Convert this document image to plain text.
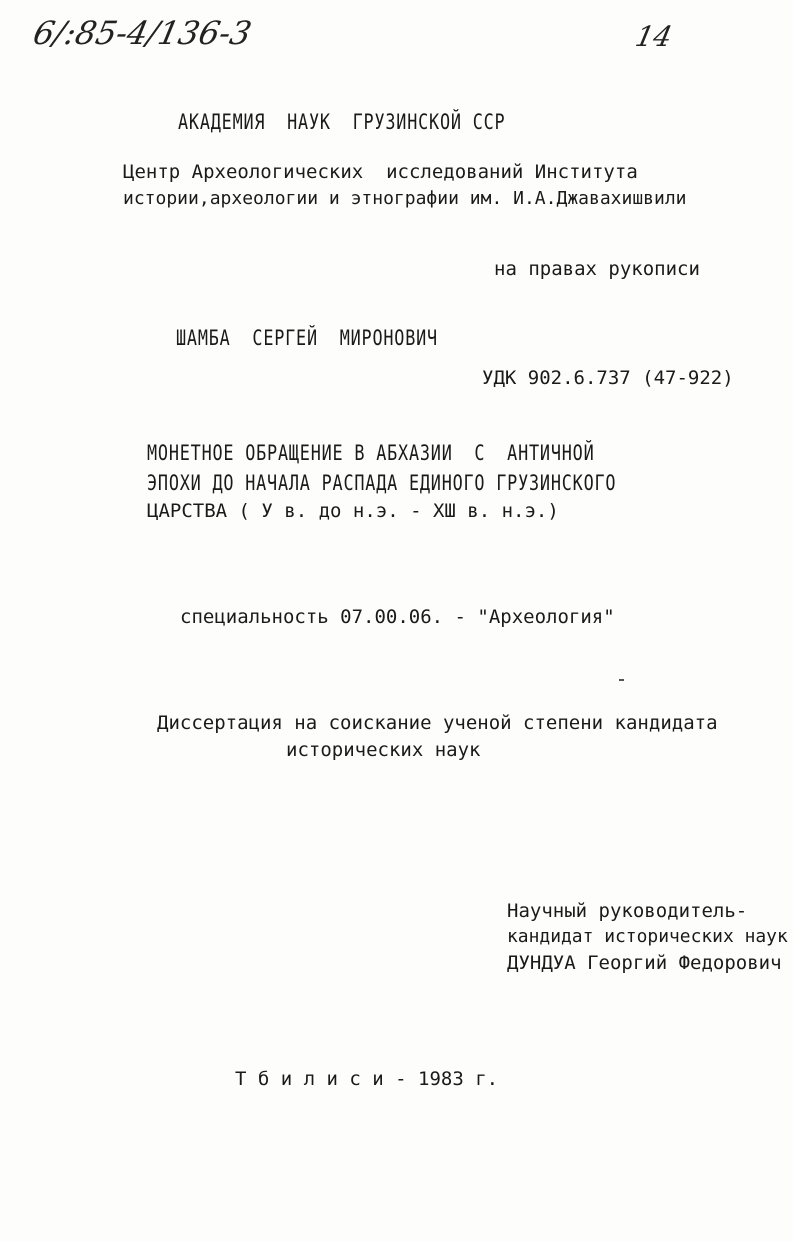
6/:85-4/136-3	14
АКАДЕМИЯ  НАУК  ГРУЗИНСКОЙ ССР
Центр Археологических  исследований Института
истории,археологии и этнографии им. И.А.Джавахишвили
на правах рукописи
ШАМБА  СЕРГЕЙ  МИРОНОВИЧ
УДК 902.6.737 (47-922)
МОНЕТНОЕ ОБРАЩЕНИЕ В АБХАЗИИ  С  АНТИЧНОЙ
ЭПОХИ ДО НАЧАЛА РАСПАДА ЕДИНОГО ГРУЗИНСКОГО
ЦАРСТВА ( У в. до н.э. - ХШ в. н.э.)
специальность 07.00.06. - "Археология"
Диссертация на соискание ученой степени кандидата
исторических наук
Научный руководитель-
кандидат исторических наук
ДУНДУА Георгий Федорович
Т б и л и с и - 1983 г.
